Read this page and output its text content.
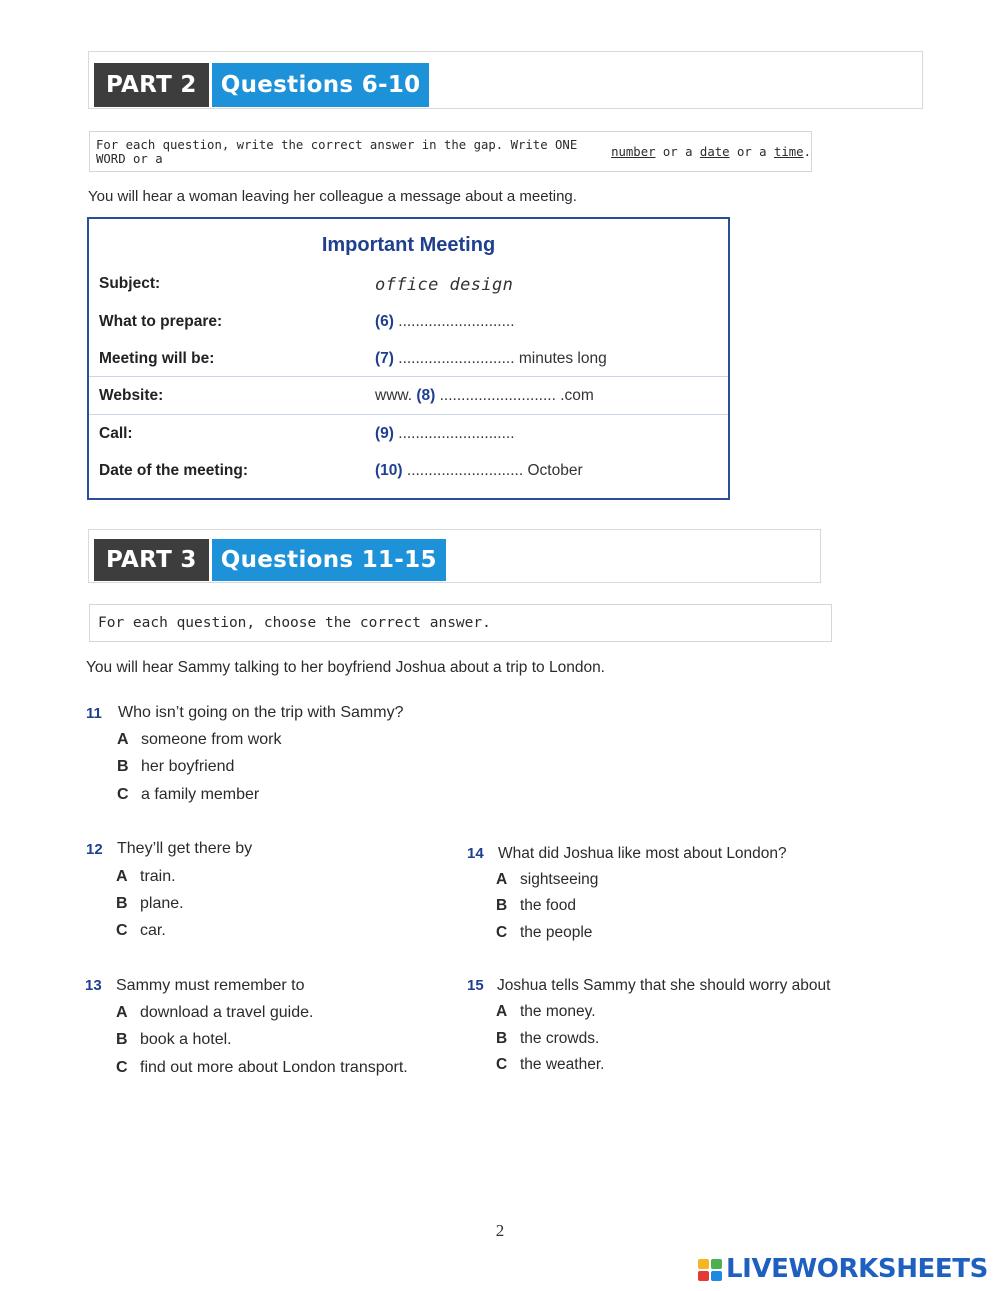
PART 2	Questions 6-10
For each question, write the correct answer in the gap. Write ONE WORD or a	number or a date or a time .
You will hear a woman leaving her colleague a message about a meeting.
Important Meeting
Subject:	office design
What to prepare:	(6) ...........................
Meeting will be:	(7) ........................... minutes long
Website:	www. (8) ........................... .com
Call:	(9) ...........................
Date of the meeting:	(10) ........................... October
PART 3	Questions 11-15
For each question, choose the correct answer.
You will hear Sammy talking to her boyfriend Joshua about a trip to London.
11 Who isn’t going on the trip with Sammy?
A someone from work
B her boyfriend
C a family member
12 They’ll get there by
A train.
B plane.
C car.
13 Sammy must remember to
A download a travel guide.
B book a hotel.
C find out more about London transport.
14 What did Joshua like most about London?
A sightseeing
B the food
C the people
15 Joshua tells Sammy that she should worry about
A the money.
B the crowds.
C the weather.
2
LIVEWORKSHEETS
